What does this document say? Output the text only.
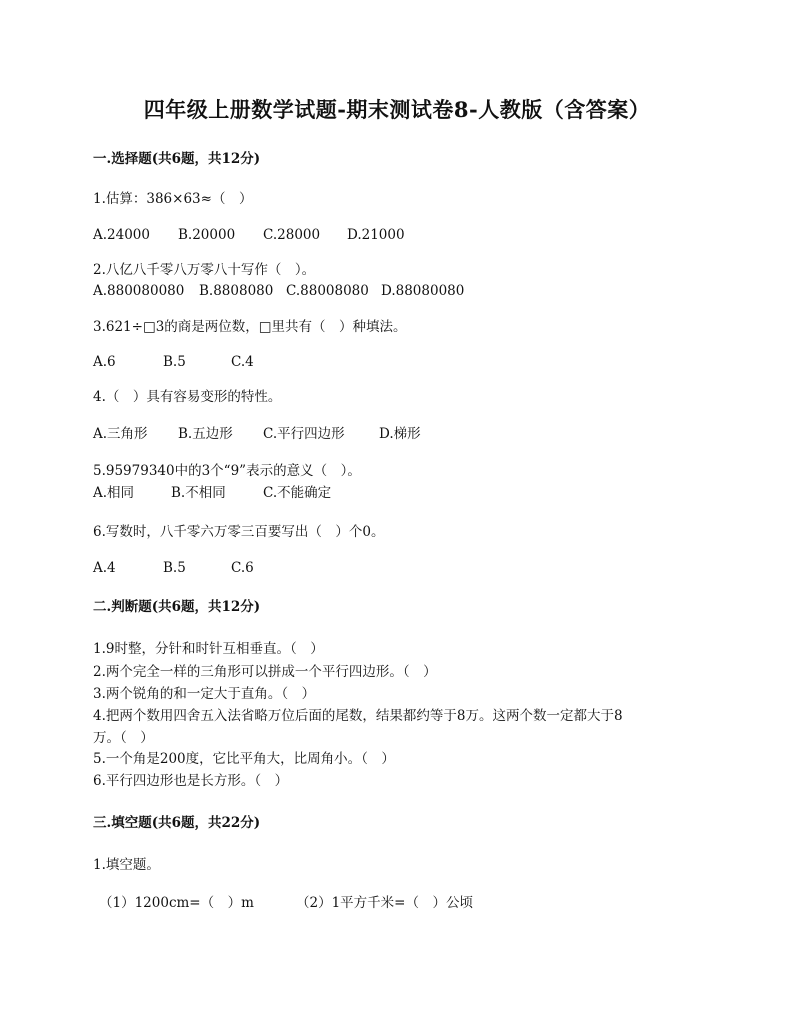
四年级上册数学试题-期末测试卷8-人教版（含答案）
一.选择题(共6题，共12分)
1.估算：386×63≈（　）
A.24000 B.20000 C.28000 D.21000
2.八亿八千零八万零八十写作（　）。
A.880080080 B.8808080 C.88008080 D.88080080
3.621÷□3的商是两位数，□里共有（　）种填法。
A.6	B.5	C.4
4.（　）具有容易变形的特性。
A.三角形 B.五边形 C.平行四边形	D.梯形
5.95979340中的3个“9”表示的意义（　）。
A.相同	B.不相同	C.不能确定
6.写数时，八千零六万零三百要写出（　）个0。
A.4	B.5	C.6
二.判断题(共6题，共12分)
1.9时整，分针和时针互相垂直。（　）
2.两个完全一样的三角形可以拼成一个平行四边形。（　）
3.两个锐角的和一定大于直角。（　）
4.把两个数用四舍五入法省略万位后面的尾数，结果都约等于8万。这两个数一定都大于8
万。（　）
5.一个角是200度，它比平角大，比周角小。（　）
6.平行四边形也是长方形。（　）
三.填空题(共6题，共22分)
1.填空题。
（1）1200cm=（　）m	（2）1平方千米=（　）公顷
